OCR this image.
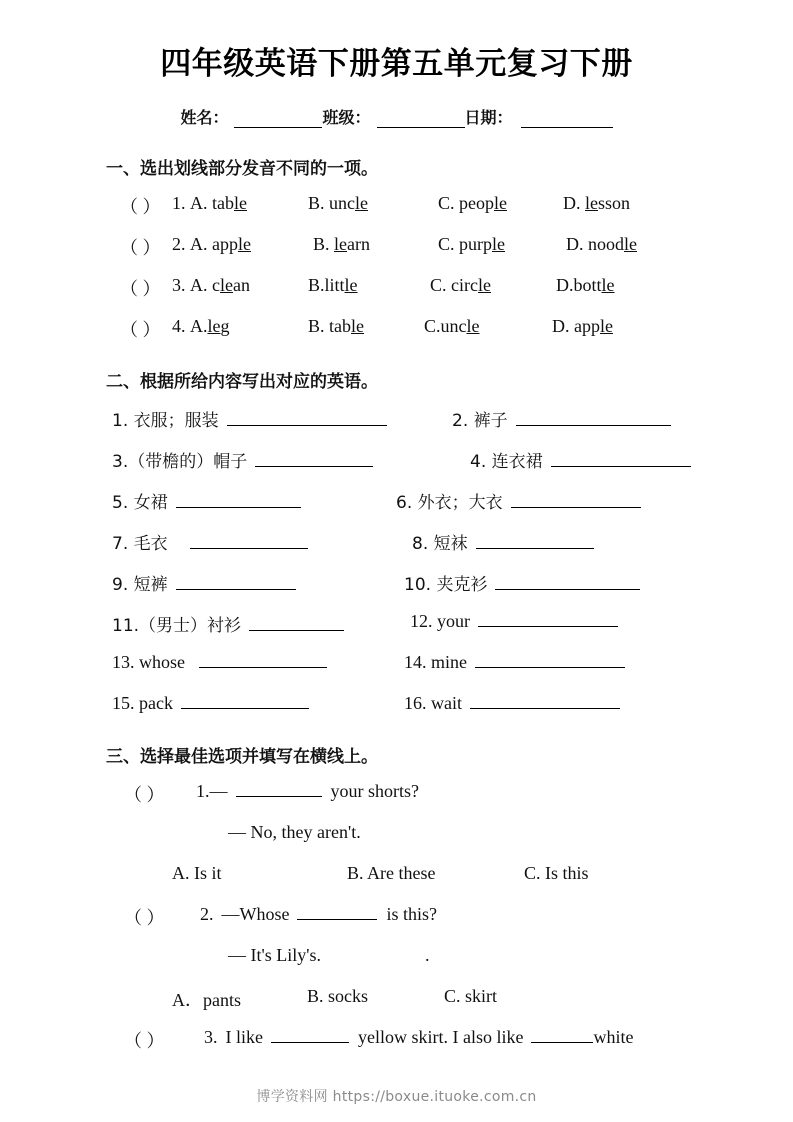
四年级英语下册第五单元复习下册
姓名：	班级：	日期：
一、选出划线部分发音不同的一项。
（ ） 1. A. table	B. uncle	C. people	D. lesson
（ ） 2. A. apple	B. learn	C. purple	D. noodle
（ ） 3. A. clean	B.little	C. circle	D.bottle
（ ） 4. A.leg	B. table	C.uncle	D. apple
二、根据所给内容写出对应的英语。
1. 衣服；服装	2. 裤子
3.（带檐的）帽子	4. 连衣裙
5. 女裙	6. 外衣；大衣
7. 毛衣	8. 短袜
9. 短裤	10. 夹克衫
11.（男士）衬衫	12. your
13. whose	14. mine
15. pack	16. wait
三、选择最佳选项并填写在横线上。
（ ） 1. —	your shorts?
— No, they aren't.
A. Is it	B. Are these	C. Is this
（ ） 2. —Whose	is this?
— It's Lily's.	.
A．pants	B. socks	C. skirt
（ ） 3. I like	yellow skirt. I also like	white
博学资料网 https://boxue.ituoke.com.cn
